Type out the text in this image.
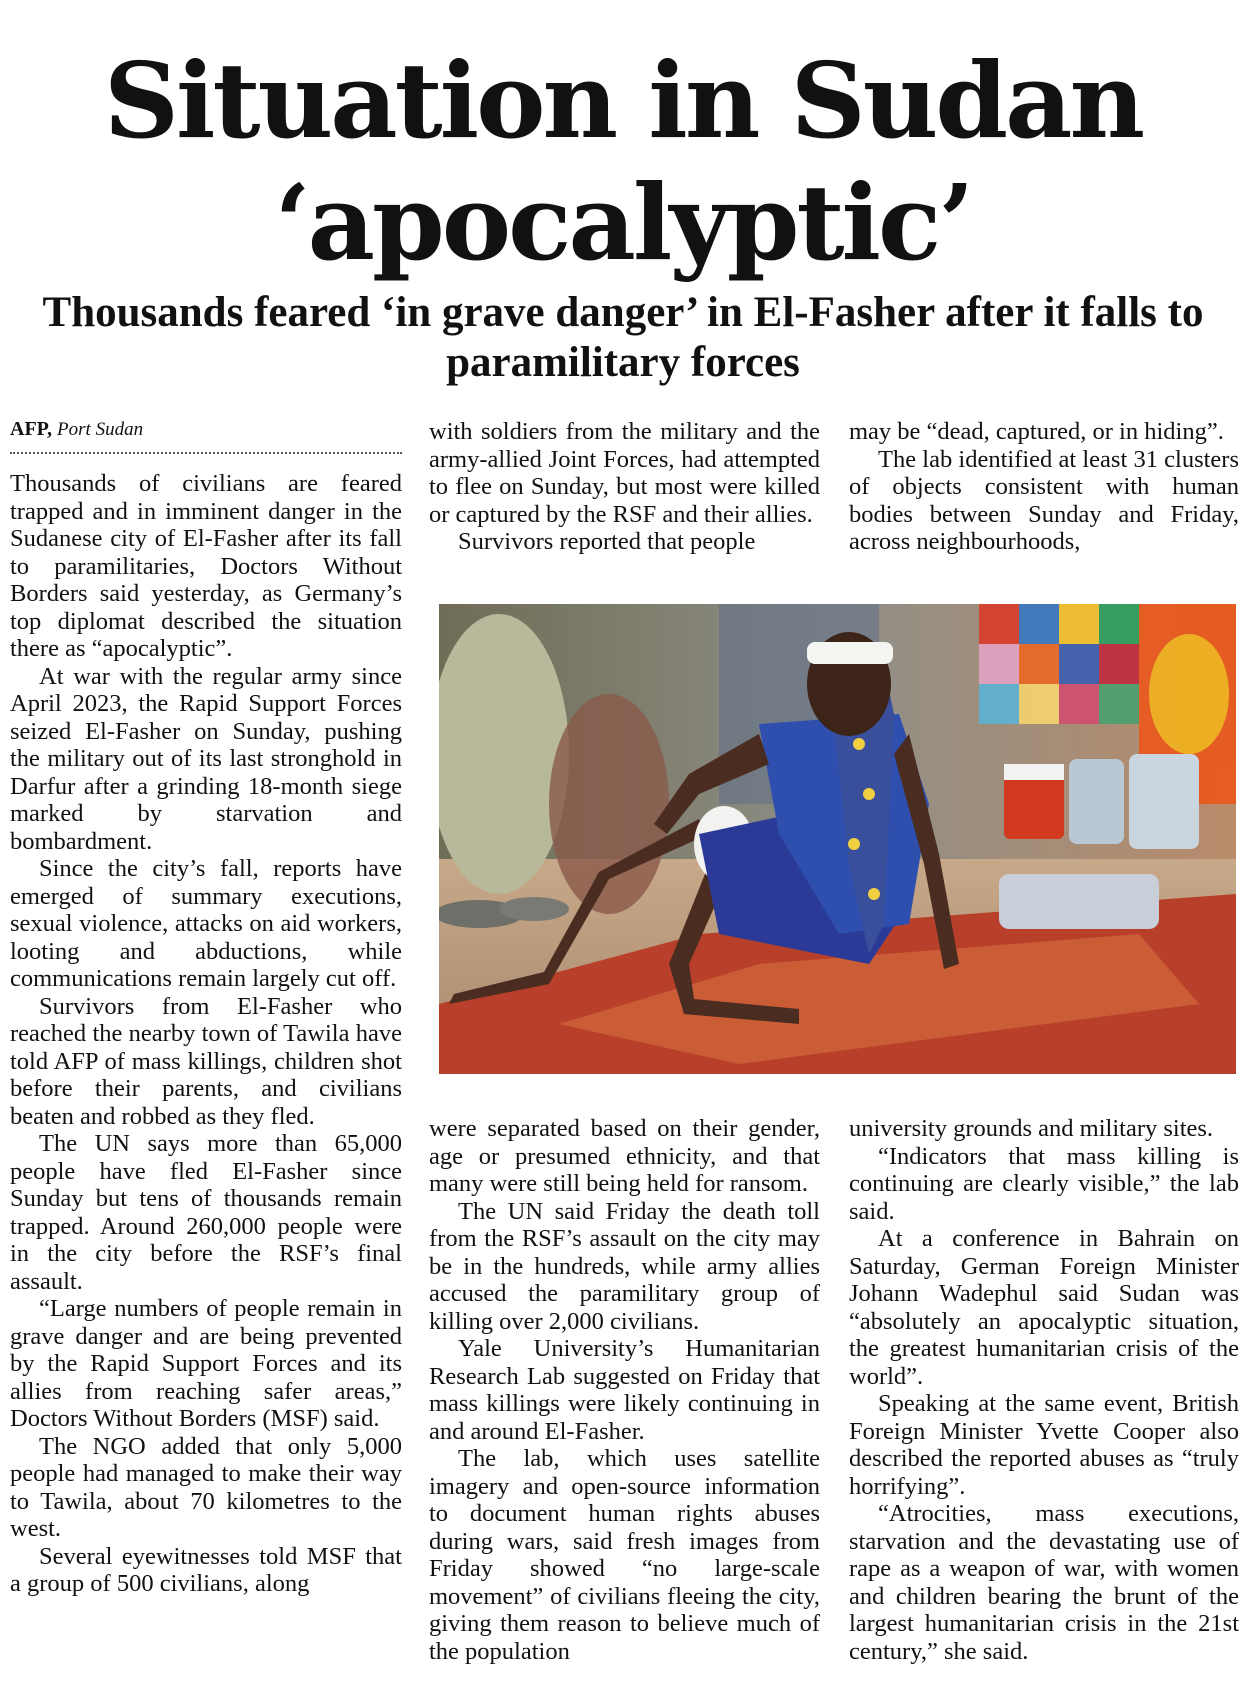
Situation in Sudan
‘apocalyptic’
Thousands feared ‘in grave danger’ in El-Fasher after it falls to
paramilitary forces
AFP, Port Sudan

Thousands of civilians are feared trapped and in imminent danger in the Sudanese city of El-Fasher after its fall to paramilitaries, Doctors Without Borders said yesterday, as Germany’s top diplomat described the situation there as “apocalyptic”.

At war with the regular army since April 2023, the Rapid Support Forces seized El-Fasher on Sunday, pushing the military out of its last stronghold in Darfur after a grinding 18-month siege marked by starvation and bombardment.

Since the city’s fall, reports have emerged of summary executions, sexual violence, attacks on aid workers, looting and abductions, while communications remain largely cut off.

Survivors from El-Fasher who reached the nearby town of Tawila have told AFP of mass killings, children shot before their parents, and civilians beaten and robbed as they fled.

The UN says more than 65,000 people have fled El-Fasher since Sunday but tens of thousands remain trapped. Around 260,000 people were in the city before the RSF’s final assault.

“Large numbers of people remain in grave danger and are being prevented by the Rapid Support Forces and its allies from reaching safer areas,” Doctors Without Borders (MSF) said.

The NGO added that only 5,000 people had managed to make their way to Tawila, about 70 kilometres to the west.

Several eyewitnesses told MSF that a group of 500 civilians, along

with soldiers from the military and the army-allied Joint Forces, had attempted to flee on Sunday, but most were killed or captured by the RSF and their allies.

Survivors reported that people

may be “dead, captured, or in hiding”.

The lab identified at least 31 clusters of objects consistent with human bodies between Sunday and Friday, across neighbourhoods,

were separated based on their gender, age or presumed ethnicity, and that many were still being held for ransom.

The UN said Friday the death toll from the RSF’s assault on the city may be in the hundreds, while army allies accused the paramilitary group of killing over 2,000 civilians.

Yale University’s Humanitarian Research Lab suggested on Friday that mass killings were likely continuing in and around El-Fasher.

The lab, which uses satellite imagery and open-source information to document human rights abuses during wars, said fresh images from Friday showed “no large-scale movement” of civilians fleeing the city, giving them reason to believe much of the population

university grounds and military sites.

“Indicators that mass killing is continuing are clearly visible,” the lab said.

At a conference in Bahrain on Saturday, German Foreign Minister Johann Wadephul said Sudan was “absolutely an apocalyptic situation, the greatest humanitarian crisis of the world”.

Speaking at the same event, British Foreign Minister Yvette Cooper also described the reported abuses as “truly horrifying”.

“Atrocities, mass executions, starvation and the devastating use of rape as a weapon of war, with women and children bearing the brunt of the largest humanitarian crisis in the 21st century,” she said.
